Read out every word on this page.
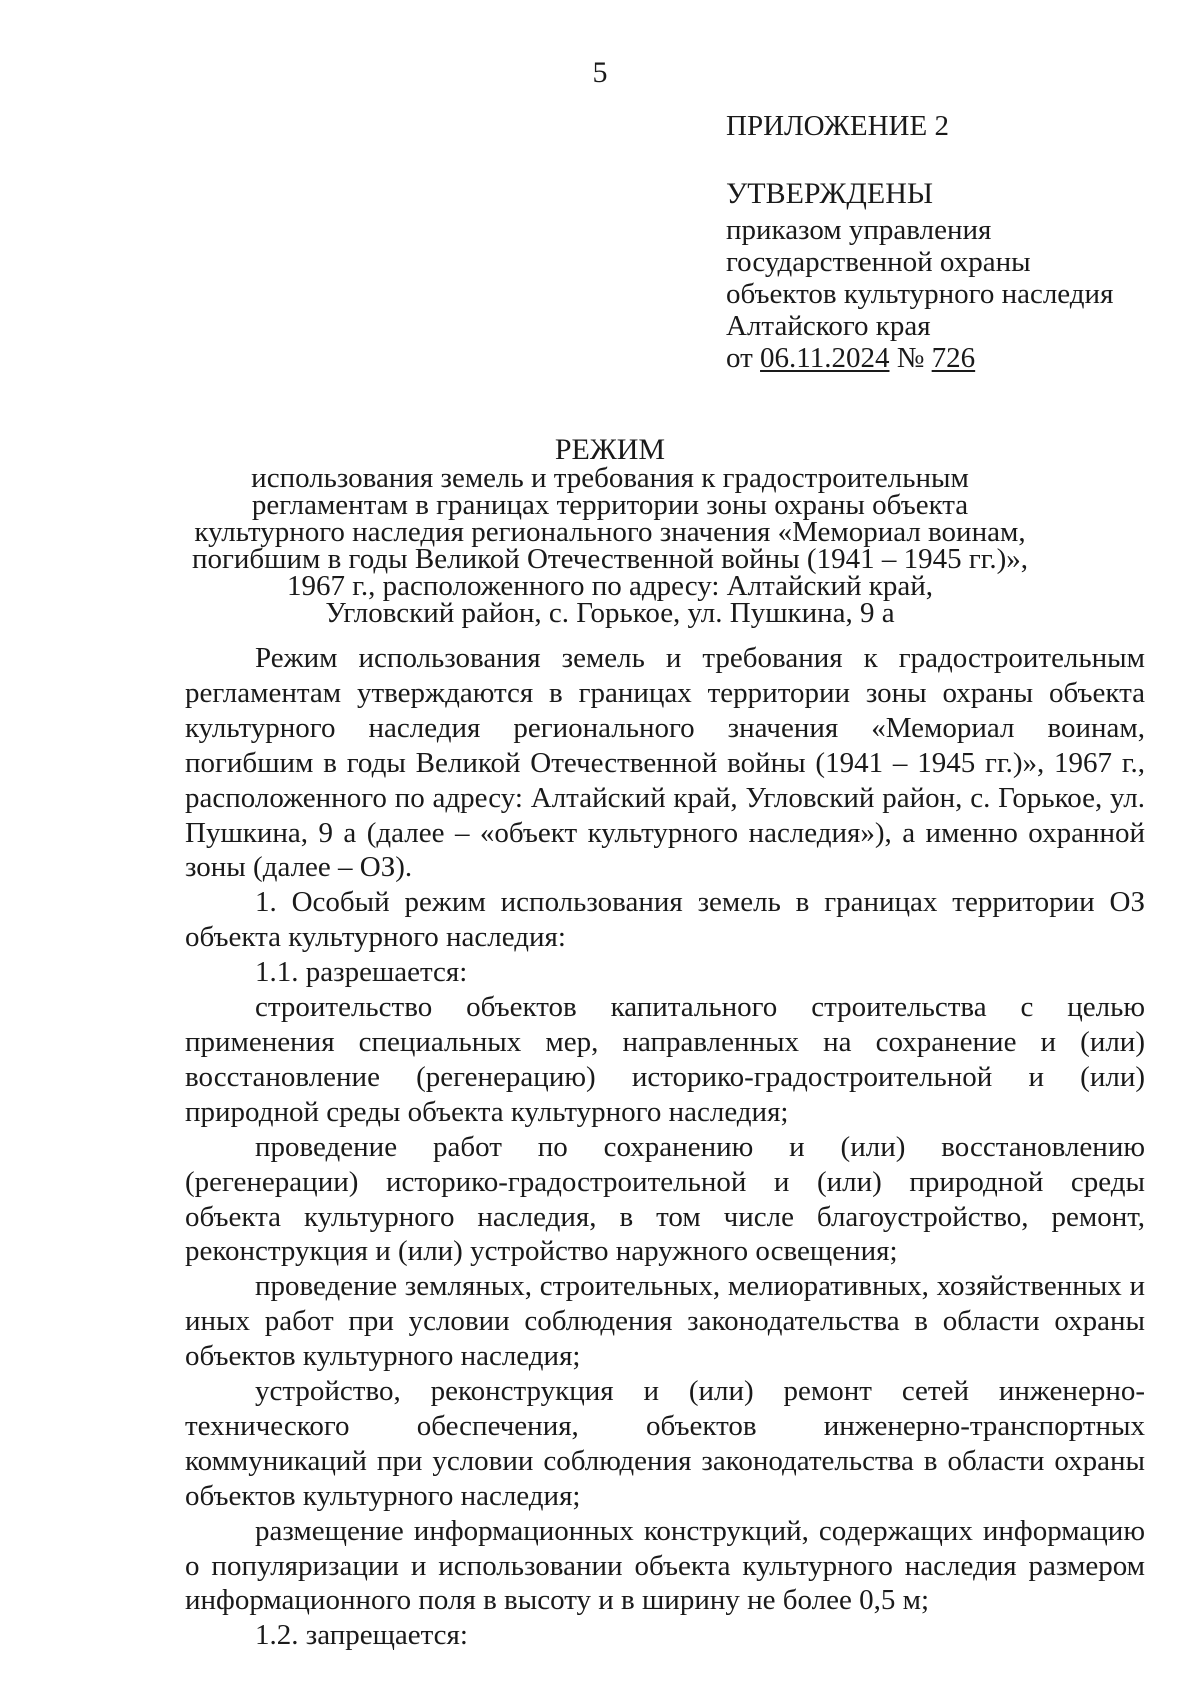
5
ПРИЛОЖЕНИЕ 2
УТВЕРЖДЕНЫ
приказом управления
государственной охраны
объектов культурного наследия
Алтайского края
от 06.11.2024 № 726
РЕЖИМ
использования земель и требования к градостроительным
регламентам в границах территории зоны охраны объекта
культурного наследия регионального значения «Мемориал воинам,
погибшим в годы Великой Отечественной войны (1941 – 1945 гг.)»,
1967 г., расположенного по адресу: Алтайский край,
Угловский район, с. Горькое, ул. Пушкина, 9 а

Режим использования земель и требования к градостроительным регламентам утверждаются в границах территории зоны охраны объекта культурного наследия регионального значения «Мемориал воинам, погибшим в годы Великой Отечественной войны (1941 – 1945 гг.)», 1967 г., расположенного по адресу: Алтайский край, Угловский район, с. Горькое, ул. Пушкина, 9 а (далее – «объект культурного наследия»), а именно охранной зоны (далее – ОЗ).

1. Особый режим использования земель в границах территории ОЗ объекта культурного наследия:

1.1. разрешается:

строительство объектов капитального строительства с целью применения специальных мер, направленных на сохранение и (или) восстановление (регенерацию) историко-градостроительной и (или) природной среды объекта культурного наследия;

проведение работ по сохранению и (или) восстановлению (регенерации) историко-градостроительной и (или) природной среды объекта культурного наследия, в том числе благоустройство, ремонт, реконструкция и (или) устройство наружного освещения;

проведение земляных, строительных, мелиоративных, хозяйственных и иных работ при условии соблюдения законодательства в области охраны объектов культурного наследия;

устройство, реконструкция и (или) ремонт сетей инженерно-технического обеспечения, объектов инженерно-транспортных коммуникаций при условии соблюдения законодательства в области охраны объектов культурного наследия;

размещение информационных конструкций, содержащих информацию о популяризации и использовании объекта культурного наследия размером информационного поля в высоту и в ширину не более 0,5 м;

1.2. запрещается:
